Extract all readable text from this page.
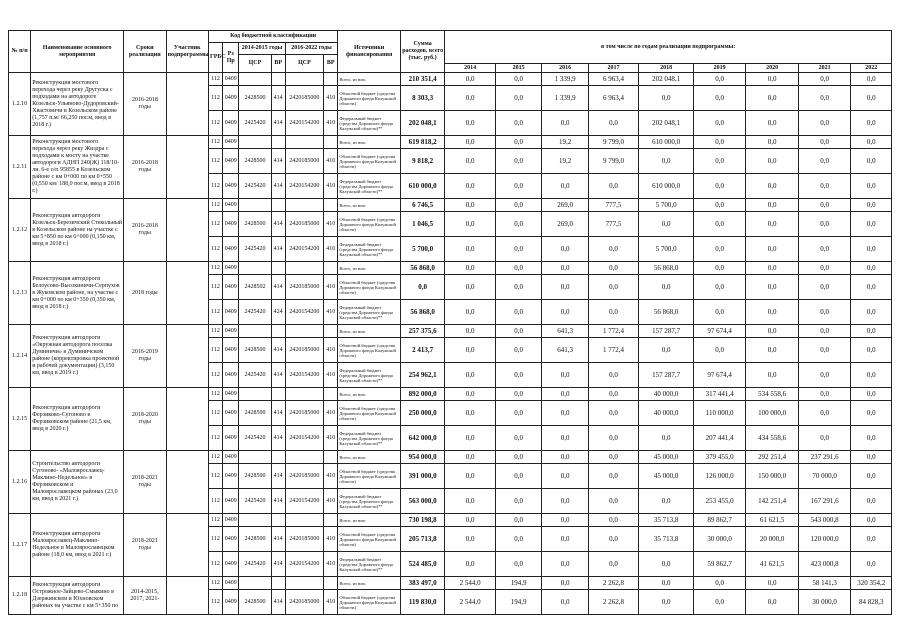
№ п/п	Наименование основного мероприятия	Сроки реализации	Участник подпрограммы	Код бюджетной классификации						Источники финансирования	Сумма расходов, всего (тыс. руб.)	в том числе по годам реализации подпрограммы:								
				ГРБС	Рз Пр	2014-2015 годы		2016-2022 годы												
						ЦСР	ВР	ЦСР	ВР											
												2014	2015	2016	2017	2018	2019	2020	2021	2022
1.2.10	Реконструкция мостового перехода через реку Другуска с подходами на автодороге Козельск-Ульяново-Дудоровский-Хвастовичи в Козельском районе (1,757 п.м/ 66,250 пог.м, ввод в 2018 г.)	2016-2018 годы		112	0409					Всего, из них:	210 351,4	0,0	0,0	1 339,9	6 963,4	202 048,1	0,0	0,0	0,0	0,0
				112	0409	2428500	414	2420185000	410	Областной бюджет (средства Дорожного фонда Калужской области)	8 303,3	0,0	0,0	1 339,9	6 963,4	0,0	0,0	0,0	0,0	0,0
				112	0409	2425420	414	2420154200	410	Федеральный бюджет (средства Дорожного фонда Калужской области)**	202 048,1	0,0	0,0	0,0	0,0	202 048,1	0,0	0,0	0,0	0,0
1.2.11	Реконструкция мостового перехода через реку Жиздра с подходами к мосту на участке автодороги АДНП 240(Ж) 118/10-ли. 6-е о/п 95855 в Козельском районе с км 0+000 по км 0+550 (0,550 км/ 188,0 пог.м, ввод в 2018 г.)	2016-2018 годы		112	0409					Всего, из них:	619 818,2	0,0	0,0	19,2	9 799,0	610 000,0	0,0	0,0	0,0	0,0
				112	0409	2428500	414	2420185000	410	Областной бюджет (средства Дорожного фонда Калужской области)	9 818,2	0,0	0,0	19,2	9 799,0	0,0	0,0	0,0	0,0	0,0
				112	0409	2425420	414	2420154200	410	Федеральный бюджет (средства Дорожного фонда Калужской области)**	610 000,0	0,0	0,0	0,0	0,0	610 000,0	0,0	0,0	0,0	0,0
1.2.12	Реконструкция автодороги Козельск-Березичский Стекольный в Козельском районе на участке с км 5+850 по км 6+000 (0,150 км, ввод в 2018 г.)	2016-2018 годы		112	0409					Всего, из них:	6 746,5	0,0	0,0	269,0	777,5	5 700,0	0,0	0,0	0,0	0,0
				112	0409	2428500	414	2420185000	410	Областной бюджет (средства Дорожного фонда Калужской области)	1 046,5	0,0	0,0	269,0	777,5	0,0	0,0	0,0	0,0	0,0
				112	0409	2425420	414	2420154200	410	Федеральный бюджет (средства Дорожного фонда Калужской области)**	5 700,0	0,0	0,0	0,0	0,0	5 700,0	0,0	0,0	0,0	0,0
1.2.13	Реконструкция автодороги Белоусово-Высокиничи-Серпухов в Жуковском районе, на участке с км 0+000 по км 0+350 (0,350 км, ввод в 2018 г.)	2018 годы		112	0409					Всего, из них:	56 868,0	0,0	0,0	0,0	0,0	56 868,0	0,0	0,0	0,0	0,0
				112	0409	2428502	414	2420185000	410	Областной бюджет (средства Дорожного фонда Калужской области)	0,0	0,0	0,0	0,0	0,0	0,0	0,0	0,0	0,0	0,0
				112	0409	2425420	424	2420154200	410	Федеральный бюджет (средства Дорожного фонда Калужской области)**	56 868,0	0,0	0,0	0,0	0,0	56 868,0	0,0	0,0	0,0	0,0
1.2.14	Реконструкция автодороги «Окружная автодорога поселка Думиничи» в Думиничском районе (корректировка проектной и рабочей документации) (3,150 км, ввод в 2019 г.)	2016-2019 годы		112	0409					Всего, из них:	257 375,6	0,0	0,0	641,3	1 772,4	157 287,7	97 674,4	0,0	0,0	0,0
				112	0409	2428500	414	2420185000	410	Областной бюджет (средства Дорожного фонда Калужской области)	2 413,7	0,0	0,0	641,3	1 772,4	0,0	0,0	0,0	0,0	0,0
				112	0409	2425420	414	2420154200	410	Федеральный бюджет (средства Дорожного фонда Калужской области)**	254 962,1	0,0	0,0	0,0	0,0	157 287,7	97 674,4	0,0	0,0	0,0
1.2.15	Реконструкция автодороги Ферзиково-Сугоново в Ферзиковском районе (21,5 км, ввод в 2020 г.)	2018-2020 годы		112	0409					Всего, из них:	892 000,0	0,0	0,0	0,0	0,0	40 000,0	317 441,4	534 558,6	0,0	0,0
				112	0409	2428500	414	2420185000	410	Областной бюджет (средства Дорожного фонда Калужской области)	250 000,0	0,0	0,0	0,0	0,0	40 000,0	110 000,0	100 000,0	0,0	0,0
				112	0409	2425420	414	2420154200	410	Федеральный бюджет (средства Дорожного фонда Калужской области)**	642 000,0	0,0	0,0	0,0	0,0	0,0	207 441,4	434 558,6	0,0	0,0
1.2.16	Строительство автодороги Сугоново- «Малоярославец-Маклино-Недельное» в Ферзиковском и Малоярославецком районах (23,0 км, ввод в 2021 г.)	2018-2021 годы		112	0409					Всего, из них:	954 000,0	0,0	0,0	0,0	0,0	45 000,0	379 455,0	292 251,4	237 291,6	0,0
				112	0409	2428500	414	2420185000	410	Областной бюджет (средства Дорожного фонда Калужской области)	391 000,0	0,0	0,0	0,0	0,0	45 000,0	126 000,0	150 000,0	70 000,0	0,0
				112	0409	2425420	414	2420154200	410	Федеральный бюджет (средства Дорожного фонда Калужской области)**	563 000,0	0,0	0,0	0,0	0,0	0,0	253 455,0	142 251,4	167 291,6	0,0
1.2.17	Реконструкция автодороги Малоярославец-Маклино-Недельное в Малоярославецком районе (18,0 км, ввод в 2021 г.)	2018-2021 годы		112	0409					Всего, из них:	730 198,8	0,0	0,0	0,0	0,0	35 713,8	89 862,7	61 621,5	543 000,8	0,0
				112	0409	2428500	414	2420185000	410	Областной бюджет (средства Дорожного фонда Калужской области)	205 713,8	0,0	0,0	0,0	0,0	35 713,8	30 000,0	20 000,0	120 000,0	0,0
				112	0409	2425420	414	2420154200	410	Федеральный бюджет (средства Дорожного фонда Калужской области)**	524 485,0	0,0	0,0	0,0	0,0	0,0	59 862,7	41 621,5	423 000,8	0,0
1.2.18	Реконструкция автодороги Острожное-Зайцево-Смыкино в Дзержинском и Юхновском районах на участке с км 5+350 по	2014-2015, 2017, 2021-		112	0409					Всего, из них:	383 497,0	2 544,0	194,9	0,0	2 262,8	0,0	0,0	0,0	58 141,3	320 354,2
				112	0409	2428500	414	2420185000	410	Областной бюджет (средства Дорожного фонда Калужской области)	119 830,0	2 544,0	194,9	0,0	2 262,8	0,0	0,0	0,0	30 000,0	84 828,3
